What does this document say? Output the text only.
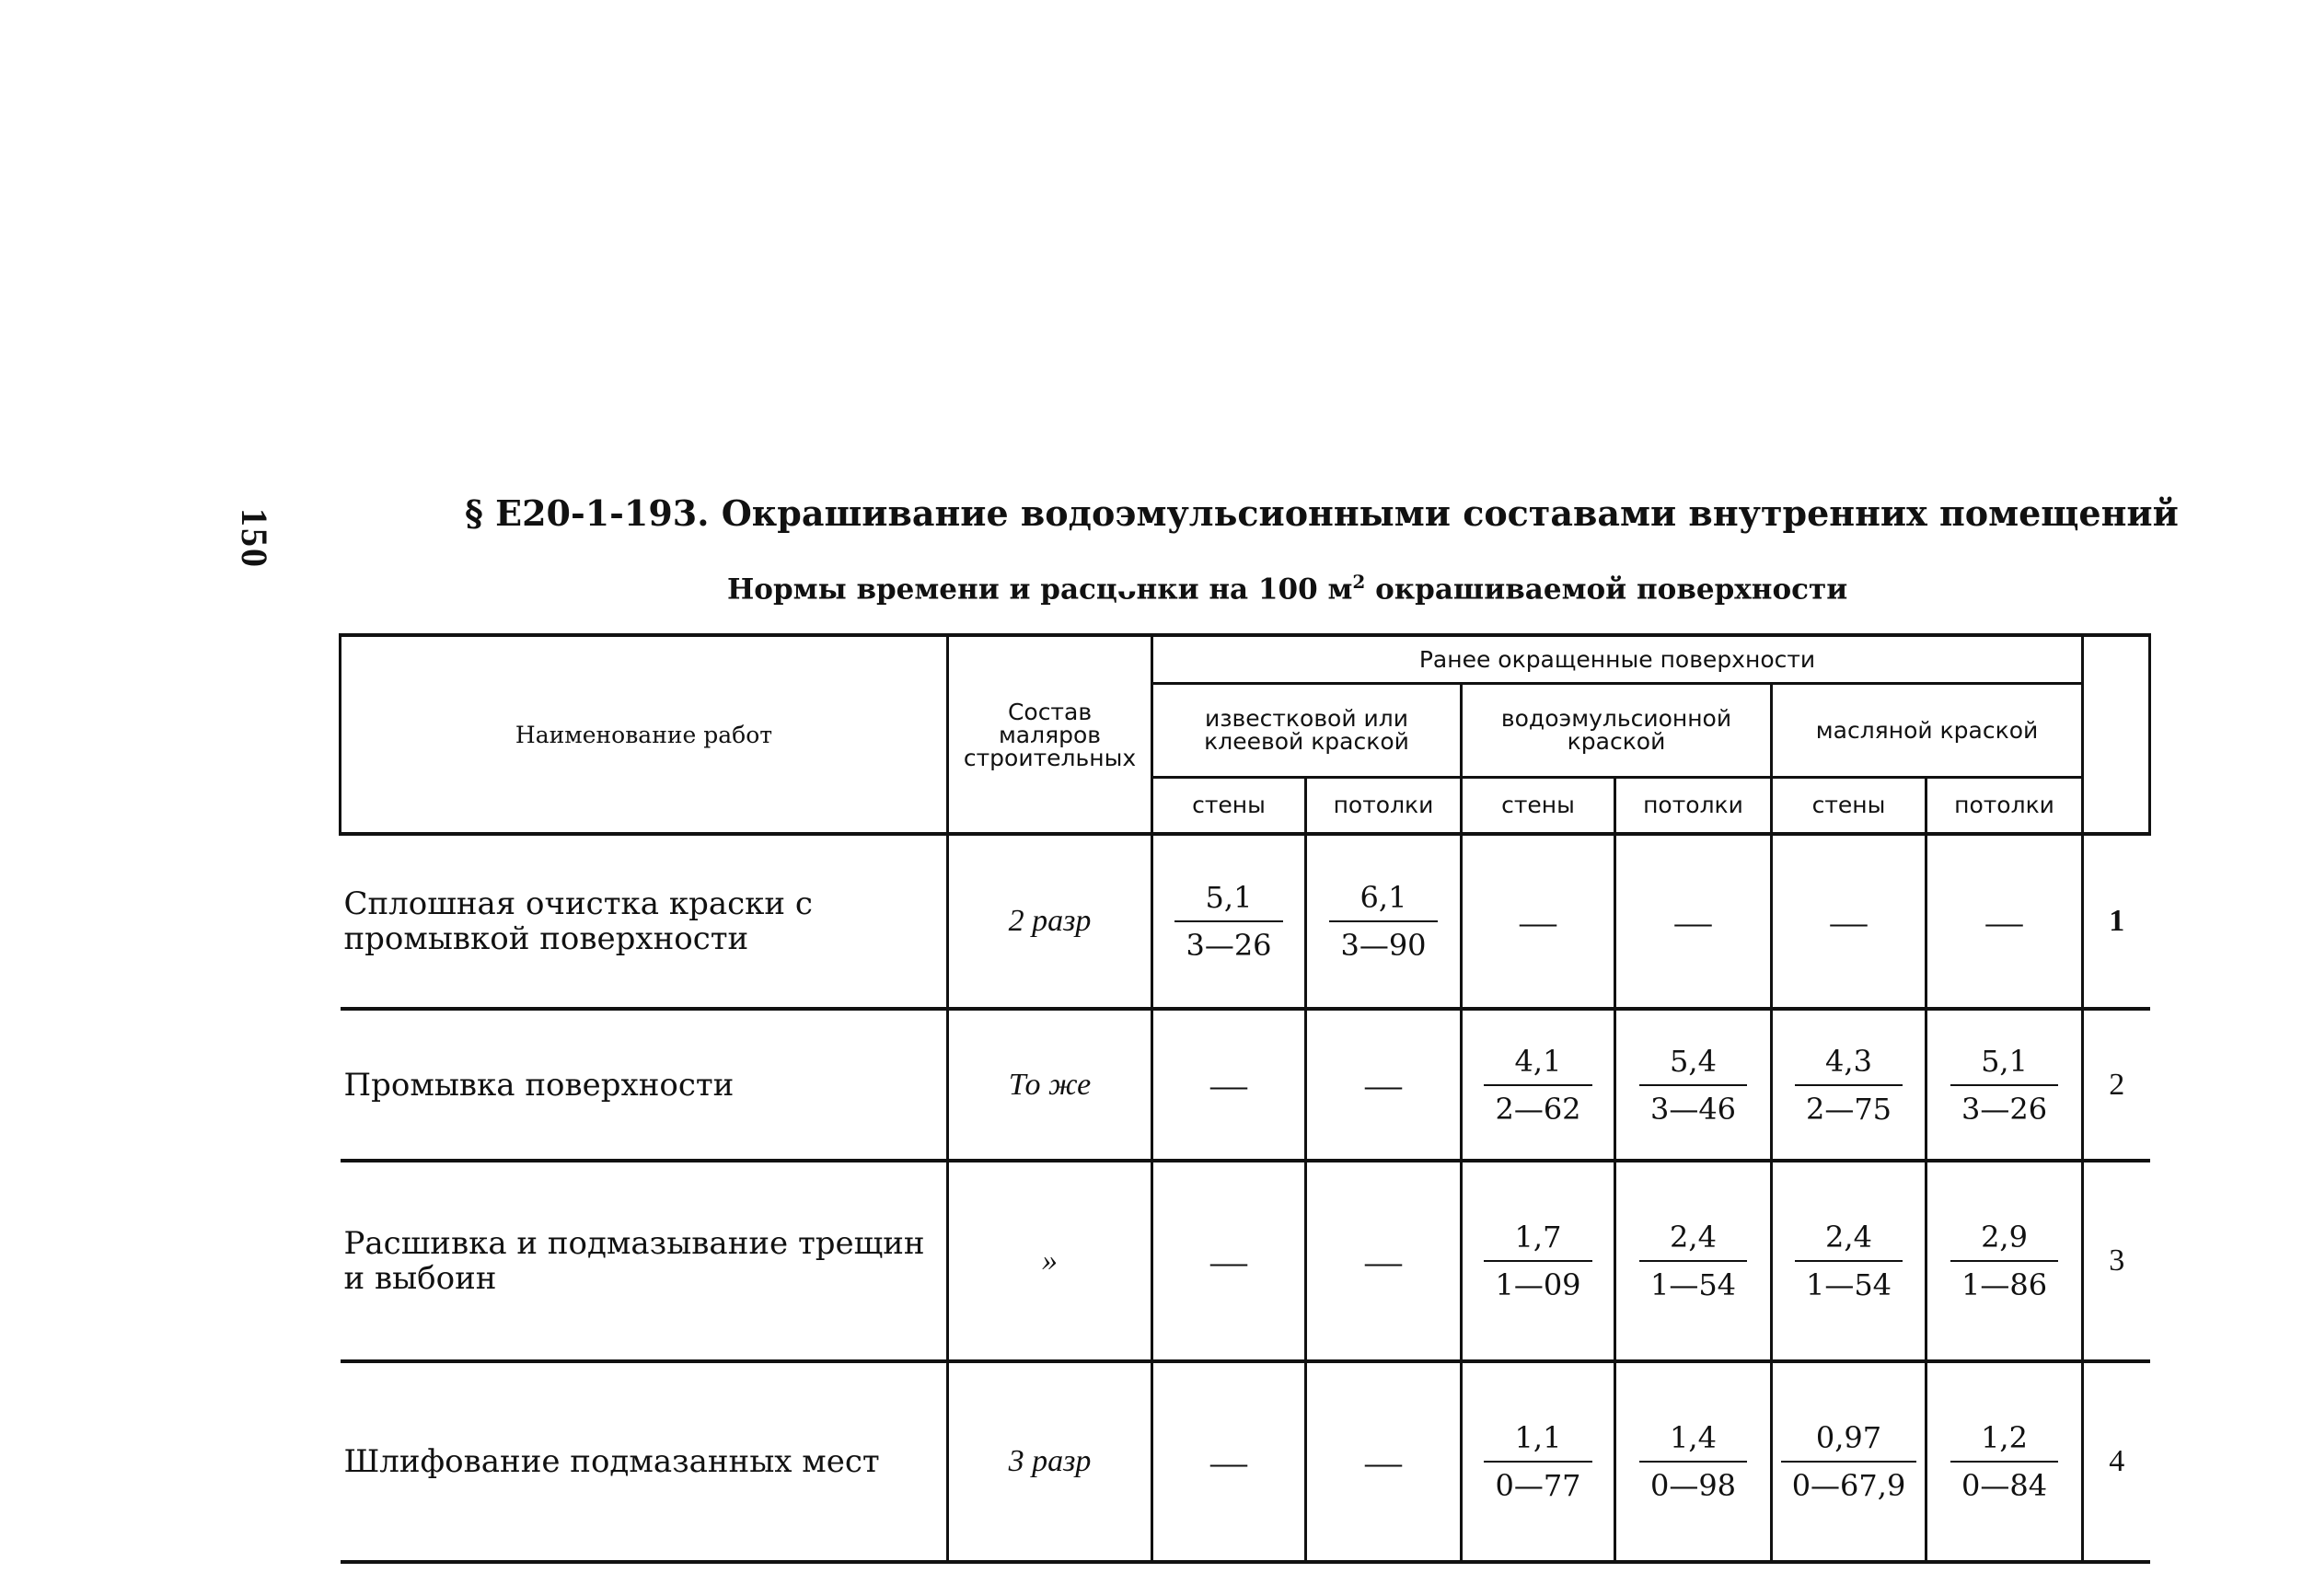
150	§ Е20-1-193. Окрашивание водоэмульсионными составами внутренних помещений
Нормы времени и расцᴗнки на 100 $м^2$ окрашиваемой поверхности
Наименование работ	Состав маляров строительных	Ранее окращенные поверхности						
		известковой или клеевой краской		водоэмульсионной краской		масляной краской		
		стены	потолки	стены	потолки	стены	потолки	
Сплошная очистка краски с промывкой поверхности	2 разр	$\frac{5,1}{3—26}$	$\frac{6,1}{3—90}$	—	—	—	—	1
Промывка поверхности	То же	—	—	$\frac{4,1}{2—62}$	$\frac{5,4}{3—46}$	$\frac{4,3}{2—75}$	$\frac{5,1}{3—26}$	2
Расшивка и подмазывание трещин и выбоин	»	—	—	$\frac{1,7}{1—09}$	$\frac{2,4}{1—54}$	$\frac{2,4}{1—54}$	$\frac{2,9}{1—86}$	3
Шлифование подмазанных мест	3 разр	—	—	$\frac{1,1}{0—77}$	$\frac{1,4}{0—98}$	$\frac{0,97}{0—67,9}$	$\frac{1,2}{0—84}$	4
